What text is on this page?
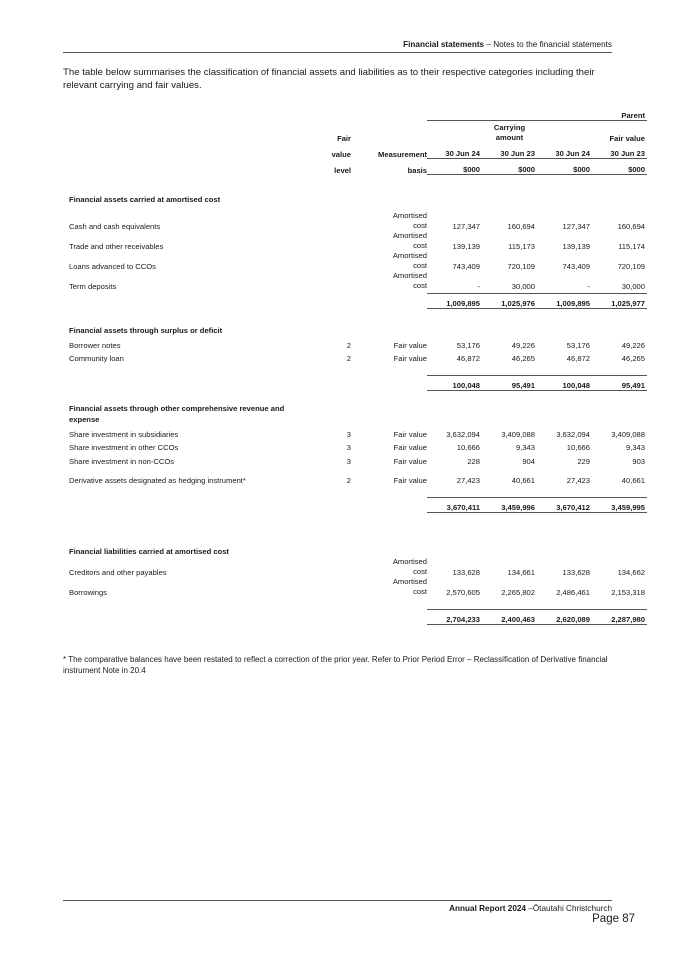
Financial statements – Notes to the financial statements
The table below summarises the classification of financial assets and liabilities as to their respective categories including their relevant carrying and fair values.
			Parent			
	Fair			Carrying amount		Fair value
	value	Measurement	30 Jun 24	30 Jun 23	30 Jun 24	30 Jun 23
	level	basis	$000	$000	$000	$000

Financial assets carried at amortised cost						

Cash and cash equivalents		Amortised
cost	127,347	160,694	127,347	160,694
Trade and other receivables		Amortised
cost	139,139	115,173	139,139	115,174
Loans advanced to CCOs		Amortised
cost	743,409	720,109	743,409	720,109
Term deposits		Amortised
cost	-	30,000	-	30,000

			1,009,895	1,025,976	1,009,895	1,025,977

Financial assets through surplus or deficit						

Borrower notes	2	Fair value	53,176	49,226	53,176	49,226
Community loan	2	Fair value	46,872	46,265	46,872	46,265

			100,048	95,491	100,048	95,491

Financial assets through other comprehensive revenue and expense						

Share investment in subsidiaries	3	Fair value	3,632,094	3,409,088	3,632,094	3,409,088
Share investment in other CCOs	3	Fair value	10,666	9,343	10,666	9,343
Share investment in non-CCOs	3	Fair value	228	904	229	903

Derivative assets designated as hedging instrument*	2	Fair value	27,423	40,661	27,423	40,661

			3,670,411	3,459,996	3,670,412	3,459,995

Financial liabilities carried at amortised cost						

Creditors and other payables		Amortised
cost	133,628	134,661	133,628	134,662
Borrowings		Amortised
cost	2,570,605	2,265,802	2,486,461	2,153,318

			2,704,233	2,400,463	2,620,089	2,287,980
* The comparative balances have been restated to reflect a correction of the prior year. Refer to Prior Period Error – Reclassification of Derivative financial instrument Note in 20.4
Annual Report 2024 –Ōtautahi Christchurch
Page 87
